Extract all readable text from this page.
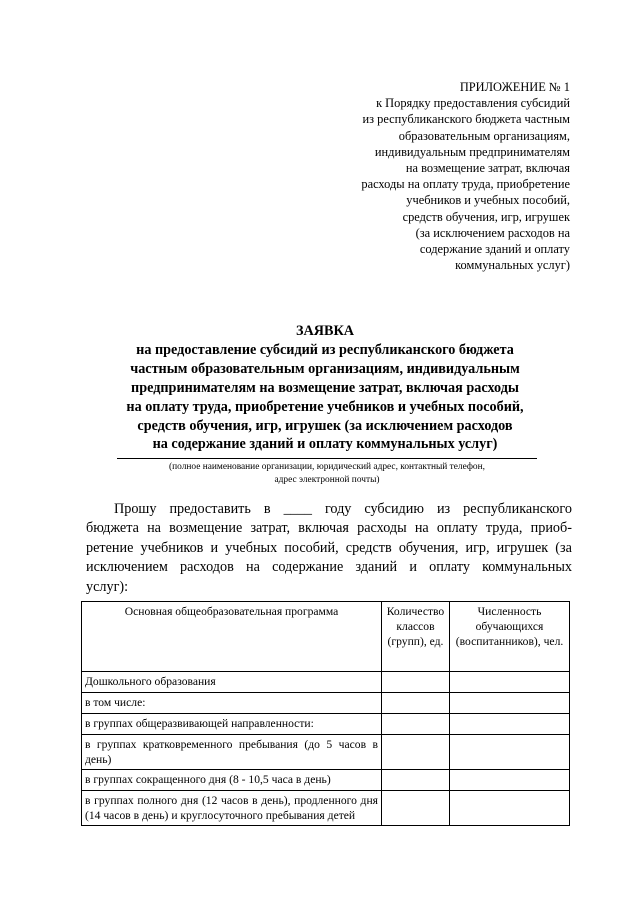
ПРИЛОЖЕНИЕ № 1
к Порядку предоставления субсидий
из республиканского бюджета частным
образовательным организациям,
индивидуальным предпринимателям
на возмещение затрат, включая
расходы на оплату труда, приобретение
учебников и учебных пособий,
средств обучения, игр, игрушек
(за исключением расходов на
содержание зданий и оплату
коммунальных услуг)
ЗАЯВКА
на предоставление субсидий из республиканского бюджета
частным образовательным организациям, индивидуальным
предпринимателям на возмещение затрат, включая расходы
на оплату труда, приобретение учебников и учебных пособий,
средств обучения, игр, игрушек (за исключением расходов
на содержание зданий и оплату коммунальных услуг)
(полное наименование организации, юридический адрес, контактный телефон,
адрес электронной почты)
Прошу предоставить в ____ году субсидию из республиканского
бюджета на возмещение затрат, включая расходы на оплату труда, приоб-
ретение учебников и учебных пособий, средств обучения, игр, игрушек (за
исключением расходов на содержание зданий и оплату коммунальных
услуг):
Основная общеобразовательная программа	Количество классов (групп), ед.	Численность обучающихся (воспитанников), чел.
Дошкольного образования		
в том числе:		
в группах общеразвивающей направленности:		
в группах кратковременного пребывания (до 5 часов в день)		
в группах сокращенного дня (8 - 10,5 часа в день)		
в группах полного дня (12 часов в день), продленного дня (14 часов в день) и круглосуточного пребывания детей		
